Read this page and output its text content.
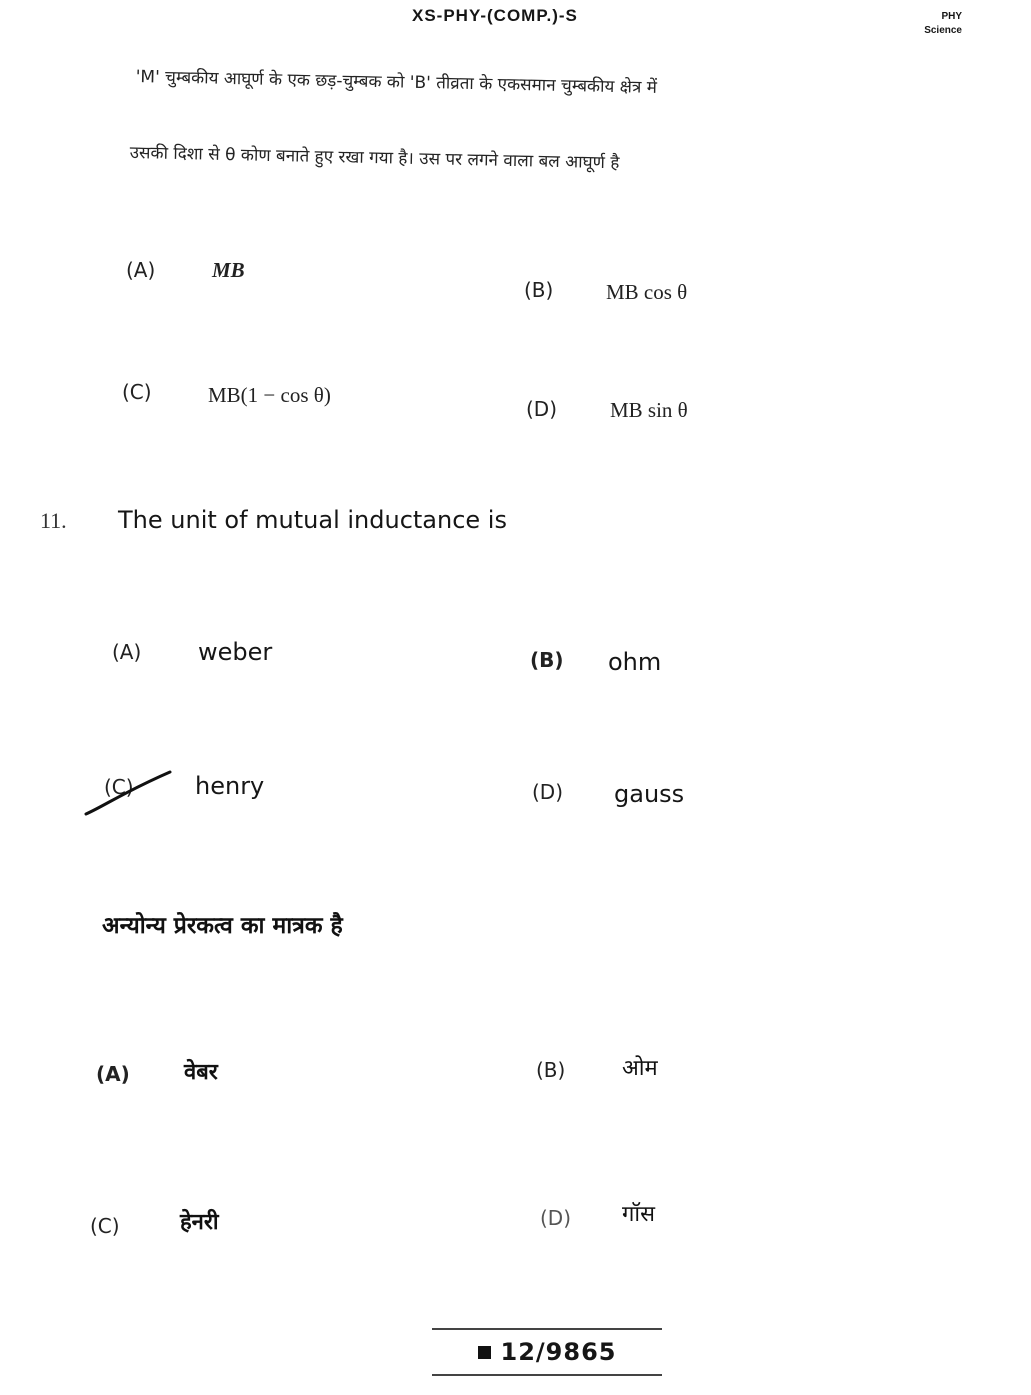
XS-PHY-(COMP.)-S	PHY
Science
'M' चुम्बकीय आघूर्ण के एक छड़-चुम्बक को 'B' तीव्रता के एकसमान चुम्बकीय क्षेत्र में
उसकी दिशा से θ कोण बनाते हुए रखा गया है। उस पर लगने वाला बल आघूर्ण है
(A)	MB
(B)	MB cos θ
(C)	MB(1 − cos θ)
(D)	MB sin θ
11. The unit of mutual inductance is
(A) weber	(B) ohm
(C)	henry	(D) gauss
अन्योन्य प्रेरकत्व का मात्रक है
(A) वेबर	(B)	ओम
(C)	हेनरी	(D) गॉस
12/9865
